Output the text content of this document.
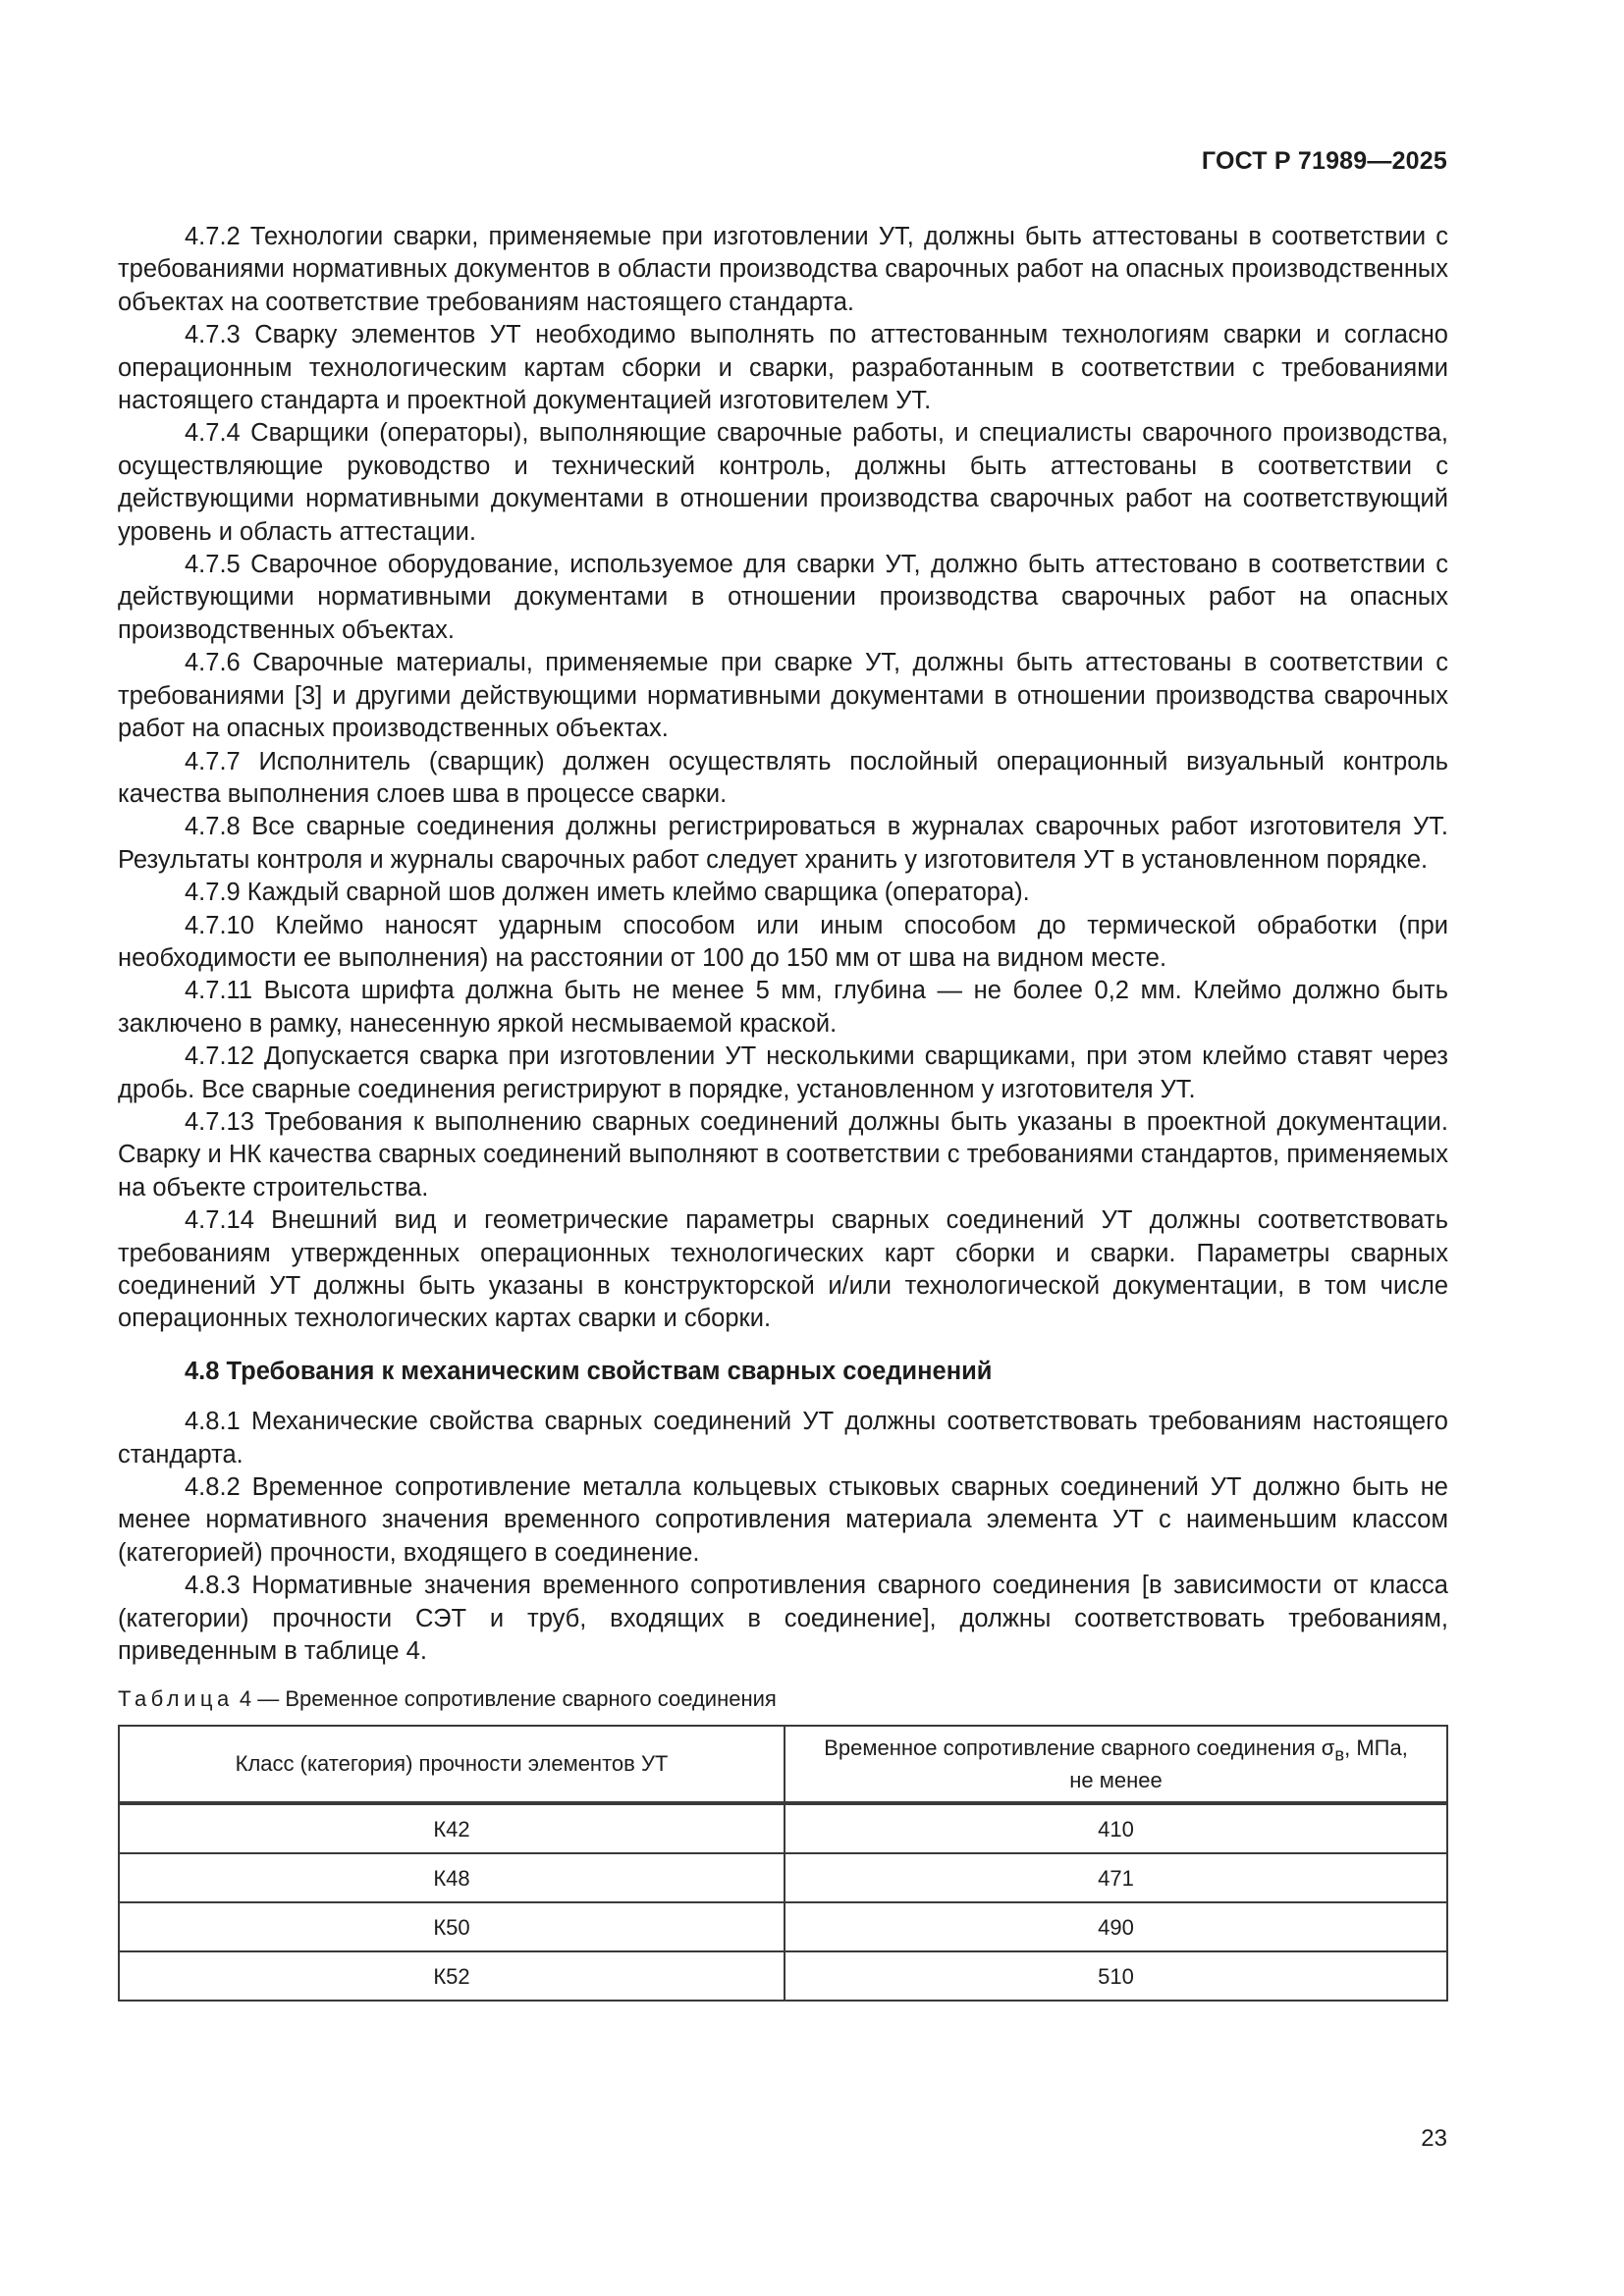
ГОСТ Р 71989—2025

4.7.2 Технологии сварки, применяемые при изготовлении УТ, должны быть аттестованы в соответствии с требованиями нормативных документов в области производства сварочных работ на опасных производственных объектах на соответствие требованиям настоящего стандарта.

4.7.3 Сварку элементов УТ необходимо выполнять по аттестованным технологиям сварки и согласно операционным технологическим картам сборки и сварки, разработанным в соответствии с требованиями настоящего стандарта и проектной документацией изготовителем УТ.

4.7.4 Сварщики (операторы), выполняющие сварочные работы, и специалисты сварочного производства, осуществляющие руководство и технический контроль, должны быть аттестованы в соответствии с действующими нормативными документами в отношении производства сварочных работ на соответствующий уровень и область аттестации.

4.7.5 Сварочное оборудование, используемое для сварки УТ, должно быть аттестовано в соответствии с действующими нормативными документами в отношении производства сварочных работ на опасных производственных объектах.

4.7.6 Сварочные материалы, применяемые при сварке УТ, должны быть аттестованы в соответствии с требованиями [3] и другими действующими нормативными документами в отношении производства сварочных работ на опасных производственных объектах.

4.7.7 Исполнитель (сварщик) должен осуществлять послойный операционный визуальный контроль качества выполнения слоев шва в процессе сварки.

4.7.8 Все сварные соединения должны регистрироваться в журналах сварочных работ изготовителя УТ. Результаты контроля и журналы сварочных работ следует хранить у изготовителя УТ в установленном порядке.

4.7.9 Каждый сварной шов должен иметь клеймо сварщика (оператора).

4.7.10 Клеймо наносят ударным способом или иным способом до термической обработки (при необходимости ее выполнения) на расстоянии от 100 до 150 мм от шва на видном месте.

4.7.11 Высота шрифта должна быть не менее 5 мм, глубина — не более 0,2 мм. Клеймо должно быть заключено в рамку, нанесенную яркой несмываемой краской.

4.7.12 Допускается сварка при изготовлении УТ несколькими сварщиками, при этом клеймо ставят через дробь. Все сварные соединения регистрируют в порядке, установленном у изготовителя УТ.

4.7.13 Требования к выполнению сварных соединений должны быть указаны в проектной документации. Сварку и НК качества сварных соединений выполняют в соответствии с требованиями стандартов, применяемых на объекте строительства.

4.7.14 Внешний вид и геометрические параметры сварных соединений УТ должны соответствовать требованиям утвержденных операционных технологических карт сборки и сварки. Параметры сварных соединений УТ должны быть указаны в конструкторской и/или технологической документации, в том числе операционных технологических картах сварки и сборки.

4.8 Требования к механическим свойствам сварных соединений

4.8.1 Механические свойства сварных соединений УТ должны соответствовать требованиям настоящего стандарта.

4.8.2 Временное сопротивление металла кольцевых стыковых сварных соединений УТ должно быть не менее нормативного значения временного сопротивления материала элемента УТ с наименьшим классом (категорией) прочности, входящего в соединение.

4.8.3 Нормативные значения временного сопротивления сварного соединения [в зависимости от класса (категории) прочности СЭТ и труб, входящих в соединение], должны соответствовать требованиям, приведенным в таблице 4.

Таблица 4 — Временное сопротивление сварного соединения
Класс (категория) прочности элементов УТ	Временное сопротивление сварного соединения $\sigma_в$, МПа,
не менее
К42	410
К48	471
К50	490
К52	510
23
